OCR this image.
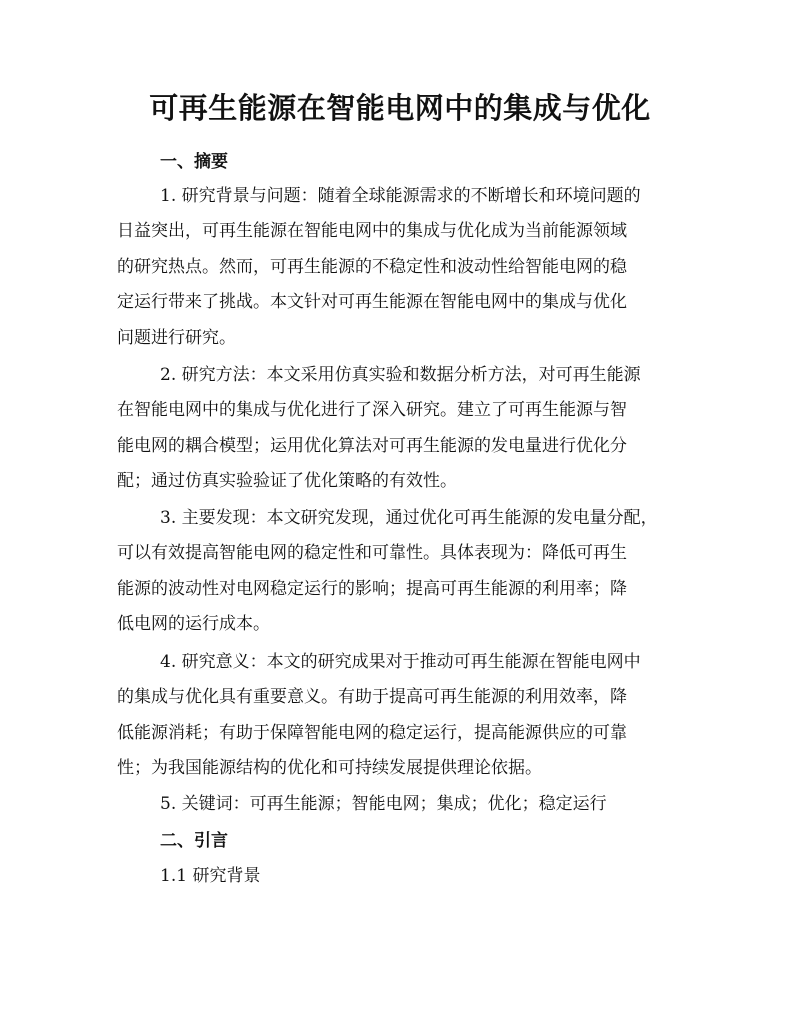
可再生能源在智能电网中的集成与优化
一、摘要

1. 研究背景与问题：随着全球能源需求的不断增长和环境问题的
日益突出，可再生能源在智能电网中的集成与优化成为当前能源领域
的研究热点。然而，可再生能源的不稳定性和波动性给智能电网的稳
定运行带来了挑战。本文针对可再生能源在智能电网中的集成与优化
问题进行研究。

2. 研究方法：本文采用仿真实验和数据分析方法，对可再生能源
在智能电网中的集成与优化进行了深入研究。建立了可再生能源与智
能电网的耦合模型；运用优化算法对可再生能源的发电量进行优化分
配；通过仿真实验验证了优化策略的有效性。

3. 主要发现：本文研究发现，通过优化可再生能源的发电量分配，
可以有效提高智能电网的稳定性和可靠性。具体表现为：降低可再生
能源的波动性对电网稳定运行的影响；提高可再生能源的利用率；降
低电网的运行成本。

4. 研究意义：本文的研究成果对于推动可再生能源在智能电网中
的集成与优化具有重要意义。有助于提高可再生能源的利用效率，降
低能源消耗；有助于保障智能电网的稳定运行，提高能源供应的可靠
性；为我国能源结构的优化和可持续发展提供理论依据。

5. 关键词：可再生能源；智能电网；集成；优化；稳定运行

二、引言
1.1 研究背景
